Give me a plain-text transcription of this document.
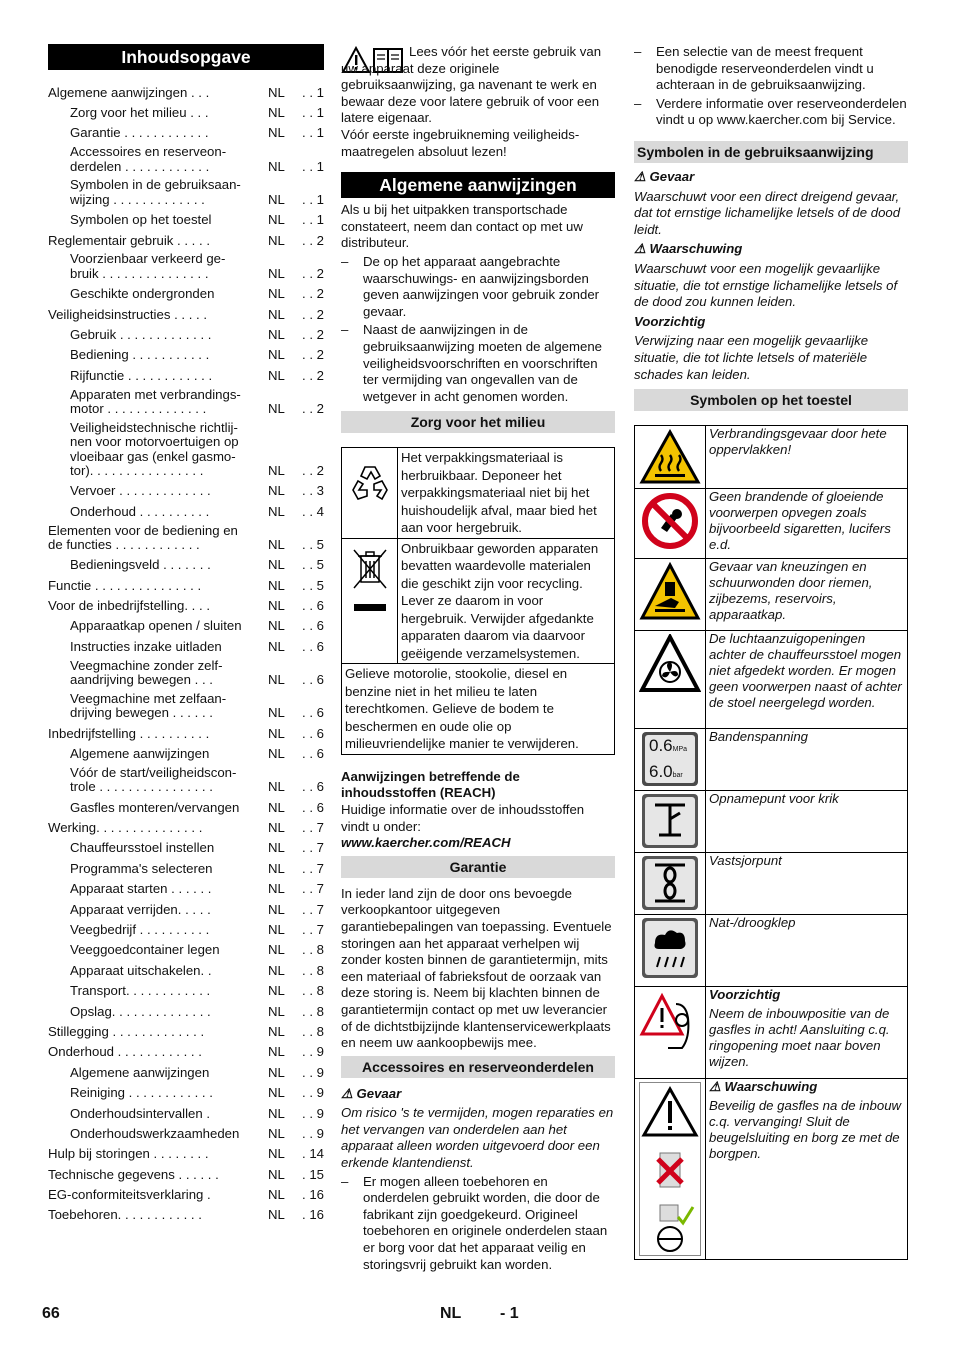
Inhoudsopgave
Algemene aanwijzingen . . .	NL	. . 1
Zorg voor het milieu . . .	NL	. . 1
Garantie . . . . . . . . . . . .	NL	. . 1
Accessoires en reserveon-
derdelen . . . . . . . . . . . .	NL	. . 1
Symbolen in de gebruiksaan-
wijzing . . . . . . . . . . . . .	NL	. . 1
Symbolen op het toestel	NL	. . 1
Reglementair gebruik . . . . .	NL	. . 2
Voorzienbaar verkeerd ge-
bruik . . . . . . . . . . . . . . .	NL	. . 2
Geschikte ondergronden	NL	. . 2
Veiligheidsinstructies . . . . .	NL	. . 2
Gebruik . . . . . . . . . . . . .	NL	. . 2
Bediening . . . . . . . . . . .	NL	. . 2
Rijfunctie . . . . . . . . . . . .	NL	. . 2
Apparaten met verbrandings-
motor . . . . . . . . . . . . . .	NL	. . 2
Veiligheidstechnische richtlij-
nen voor motorvoertuigen op
vloeibaar gas (enkel gasmo-
tor). . . . . . . . . . . . . . . .	NL	. . 2
Vervoer . . . . . . . . . . . . .	NL	. . 3
Onderhoud . . . . . . . . . .	NL	. . 4
Elementen voor de bediening en
de functies . . . . . . . . . . . .	NL	. . 5
Bedieningsveld . . . . . . .	NL	. . 5
Functie . . . . . . . . . . . . . . .	NL	. . 5
Voor de inbedrijfstelling. . . .	NL	. . 6
Apparaatkap openen / sluiten	NL	. . 6
Instructies inzake uitladen	NL	. . 6
Veegmachine zonder zelf-
aandrijving bewegen . . .	NL	. . 6
Veegmachine met zelfaan-
drijving bewegen . . . . . .	NL	. . 6
Inbedrijfstelling . . . . . . . . . .	NL	. . 6
Algemene aanwijzingen	NL	. . 6
Vóór de start/veiligheidscon-
trole . . . . . . . . . . . . . . . .	NL	. . 6
Gasfles monteren/vervangen	NL	. . 6
Werking. . . . . . . . . . . . . . .	NL	. . 7
Chauffeursstoel instellen	NL	. . 7
Programma's selecteren	NL	. . 7
Apparaat starten . . . . . .	NL	. . 7
Apparaat verrijden. . . . .	NL	. . 7
Veegbedrijf . . . . . . . . . .	NL	. . 7
Veeggoedcontainer legen	NL	. . 8
Apparaat uitschakelen. .	NL	. . 8
Transport. . . . . . . . . . . .	NL	. . 8
Opslag. . . . . . . . . . . . . .	NL	. . 8
Stillegging . . . . . . . . . . . . .	NL	. . 8
Onderhoud . . . . . . . . . . . .	NL	. . 9
Algemene aanwijzingen	NL	. . 9
Reiniging . . . . . . . . . . . .	NL	. . 9
Onderhoudsintervallen .	NL	. . 9
Onderhoudswerkzaamheden	NL	. . 9
Hulp bij storingen . . . . . . . .	NL	. 14
Technische gegevens . . . . . .	NL	. 15
EG-conformiteitsverklaring .	NL	. 16
Toebehoren. . . . . . . . . . . .	NL	. 16

Lees vóór het eerste gebruik van uw apparaat deze originele gebruiksaanwijzing, ga navenant te werk en bewaar deze voor latere gebruik of voor een latere eigenaar.

Vóór eerste ingebruikneming veiligheids-maatregelen absoluut lezen!

Algemene aanwijzingen

Als u bij het uitpakken transportschade constateert, neem dan contact op met uw distributeur.

–	De op het apparaat aangebrachte waarschuwings- en aanwijzingsborden geven aanwijzingen voor gebruik zonder gevaar.
–	Naast de aanwijzingen in de gebruiksaanwijzing moeten de algemene veiligheidsvoorschriften en voorschriften ter vermijding van ongevallen van de wetgever in acht genomen worden.
Zorg voor het milieu
	Het verpakkingsmateriaal is herbruikbaar. Deponeer het verpakkingsmateriaal niet bij het huishoudelijk afval, maar bied het aan voor hergebruik.

	Onbruikbaar geworden apparaten bevatten waardevolle materialen die geschikt zijn voor recycling. Lever ze daarom in voor hergebruik. Verwijder afgedankte apparaten daarom via daarvoor geëigende verzamelsystemen.
Gelieve motorolie, stookolie, diesel en benzine niet in het milieu te laten terechtkomen. Gelieve de bodem te beschermen en oude olie op milieuvriendelijke manier te verwijderen.	

Aanwijzingen betreffende de inhoudsstoffen (REACH)

Huidige informatie over de inhoudsstoffen vindt u onder:

www.kaercher.com/REACH

Garantie

In ieder land zijn de door ons bevoegde verkoopkantoor uitgegeven garantiebepalingen van toepassing. Eventuele storingen aan het apparaat verhelpen wij zonder kosten binnen de garantietermijn, mits een materiaal of fabrieksfout de oorzaak van deze storing is. Neem bij klachten binnen de garantietermijn contact op met uw leverancier of de dichtstbijzijnde klantenservicewerkplaats en neem uw aankoopbewijs mee.

Accessoires en reserveonderdelen

⚠ Gevaar

Om risico 's te vermijden, mogen reparaties en het vervangen van onderdelen aan het apparaat alleen worden uitgevoerd door een erkende klantendienst.

–	Er mogen alleen toebehoren en onderdelen gebruikt worden, die door de fabrikant zijn goedgekeurd. Origineel toebehoren en originele onderdelen staan er borg voor dat het apparaat veilig en storingsvrij gebruikt kan worden.
–	Een selectie van de meest frequent benodigde reserveonderdelen vindt u achteraan in de gebruiksaanwijzing.
–	Verdere informatie over reserveonderdelen vindt u op www.kaercher.com bij Service.
Symbolen in de gebruiksaanwijzing

⚠ Gevaar

Waarschuwt voor een direct dreigend gevaar, dat tot ernstige lichamelijke letsels of de dood leidt.

⚠ Waarschuwing

Waarschuwt voor een mogelijk gevaarlijke situatie, die tot ernstige lichamelijke letsels of de dood zou kunnen leiden.

Voorzichtig

Verwijzing naar een mogelijk gevaarlijke situatie, die tot lichte letsels of materiële schades kan leiden.

Symbolen op het toestel
	Verbrandingsgevaar door hete oppervlakken!

	Geen brandende of gloeiende voorwerpen opvegen zoals bijvoorbeeld sigaretten, lucifers e.d.

	Gevaar van kneuzingen en schuurwonden door riemen, zijbezems, reservoirs, apparaatkap.

	De luchtaanzuigopeningen achter de chauffeursstoel mogen niet afgedekt worden. Er mogen geen voorwerpen naast of achter de stoel neergelegd worden.

0.6MPa
6.0bar	Bandenspanning

	Opnamepunt voor krik

	Vastsjorpunt

	Nat-/droogklep

Voorzichtig
Neem de inbouwpositie van de gasfles in acht! Aansluiting c.q. ringopening moet naar boven wijzen.

⚠ Waarschuwing
Beveilig de gasfles na de inbouw c.q. vervanging! Sluit de beugelsluiting en borg ze met de borgpen.
66	NL - 1
